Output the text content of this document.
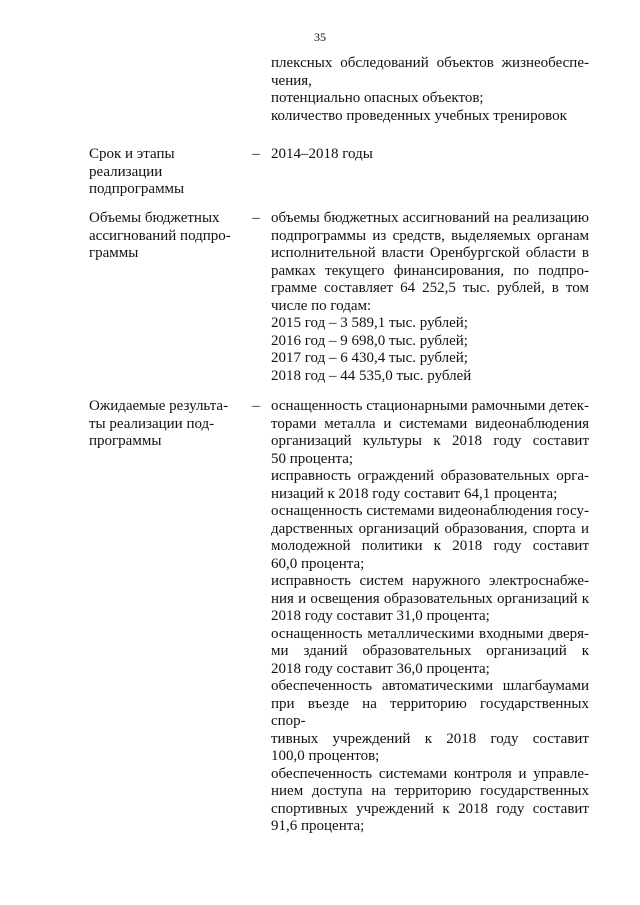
35
плексных обследований объектов жизнеобеспе-
чения,
потенциально опасных объектов;
количество проведенных учебных тренировок
Срок и этапы
реализации
подпрограммы
– 2014–2018 годы
Объемы бюджетных
ассигнований подпро-
граммы
– объемы бюджетных ассигнований на реализацию
подпрограммы из средств, выделяемых органам
исполнительной власти Оренбургской области в
рамках текущего финансирования, по подпро-
грамме составляет 64 252,5 тыс. рублей, в том
числе по годам:
2015 год – 3 589,1 тыс. рублей;
2016 год – 9 698,0 тыс. рублей;
2017 год – 6 430,4 тыс. рублей;
2018 год – 44 535,0 тыс. рублей
Ожидаемые результа-
ты реализации под-
программы
– оснащенность стационарными рамочными детек-
торами металла и системами видеонаблюдения
организаций культуры к 2018 году составит
50 процента;
исправность ограждений образовательных орга-
низаций к 2018 году составит 64,1 процента;
оснащенность системами видеонаблюдения госу-
дарственных организаций образования, спорта и
молодежной политики к 2018 году составит
60,0 процента;
исправность систем наружного электроснабже-
ния и освещения образовательных организаций к
2018 году составит 31,0 процента;
оснащенность металлическими входными дверя-
ми зданий образовательных организаций к
2018 году составит 36,0 процента;
обеспеченность автоматическими шлагбаумами
при въезде на территорию государственных спор-
тивных учреждений к 2018 году составит
100,0 процентов;
обеспеченность системами контроля и управле-
нием доступа на территорию государственных
спортивных учреждений к 2018 году составит
91,6 процента;
